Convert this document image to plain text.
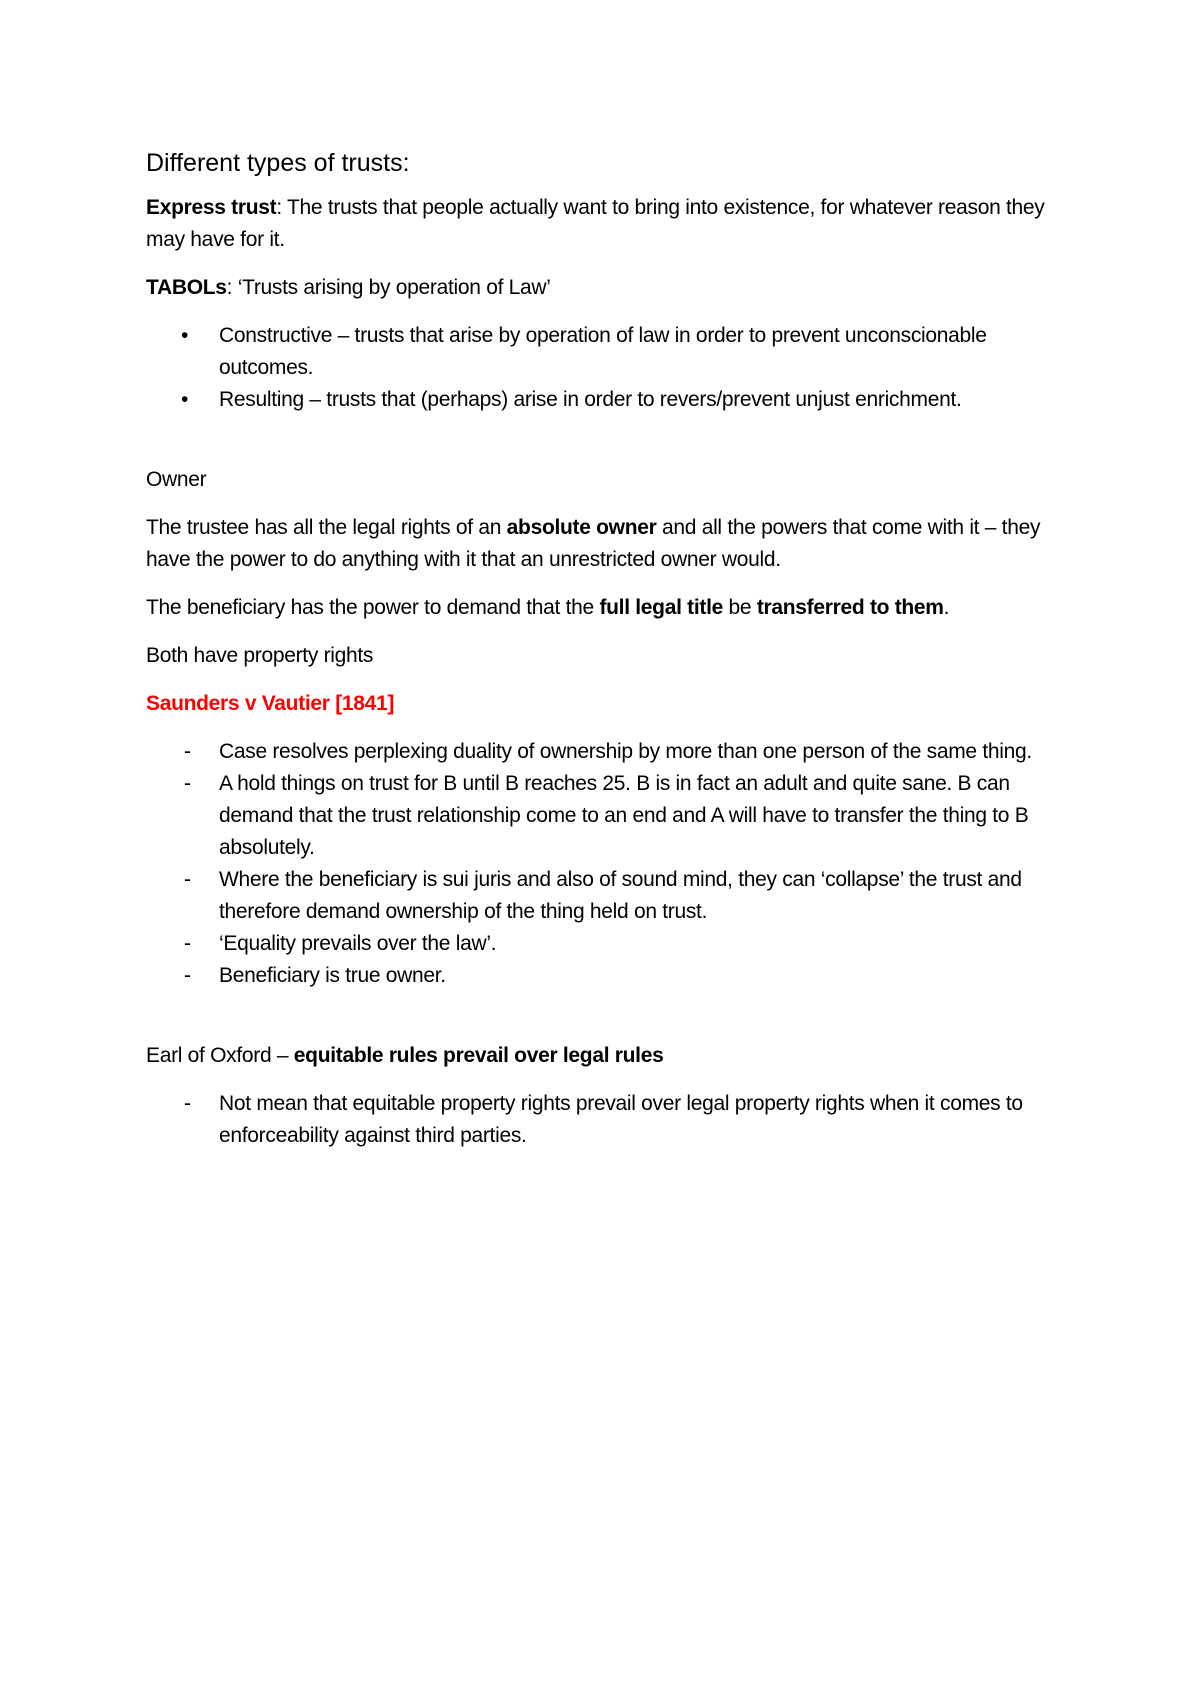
Different types of trusts:

Express trust: The trusts that people actually want to bring into existence, for whatever reason they may have for it.

TABOLs: ‘Trusts arising by operation of Law’

• Constructive – trusts that arise by operation of law in order to prevent unconscionable outcomes.
• Resulting – trusts that (perhaps) arise in order to revers/prevent unjust enrichment.

Owner

The trustee has all the legal rights of an absolute owner and all the powers that come with it – they have the power to do anything with it that an unrestricted owner would.

The beneficiary has the power to demand that the full legal title be transferred to them.

Both have property rights

Saunders v Vautier [1841]

- Case resolves perplexing duality of ownership by more than one person of the same thing.
- A hold things on trust for B until B reaches 25. B is in fact an adult and quite sane. B can demand that the trust relationship come to an end and A will have to transfer the thing to B absolutely.
- Where the beneficiary is sui juris and also of sound mind, they can ‘collapse’ the trust and therefore demand ownership of the thing held on trust.
- ‘Equality prevails over the law’.
- Beneficiary is true owner.

Earl of Oxford – equitable rules prevail over legal rules

- Not mean that equitable property rights prevail over legal property rights when it comes to enforceability against third parties.
